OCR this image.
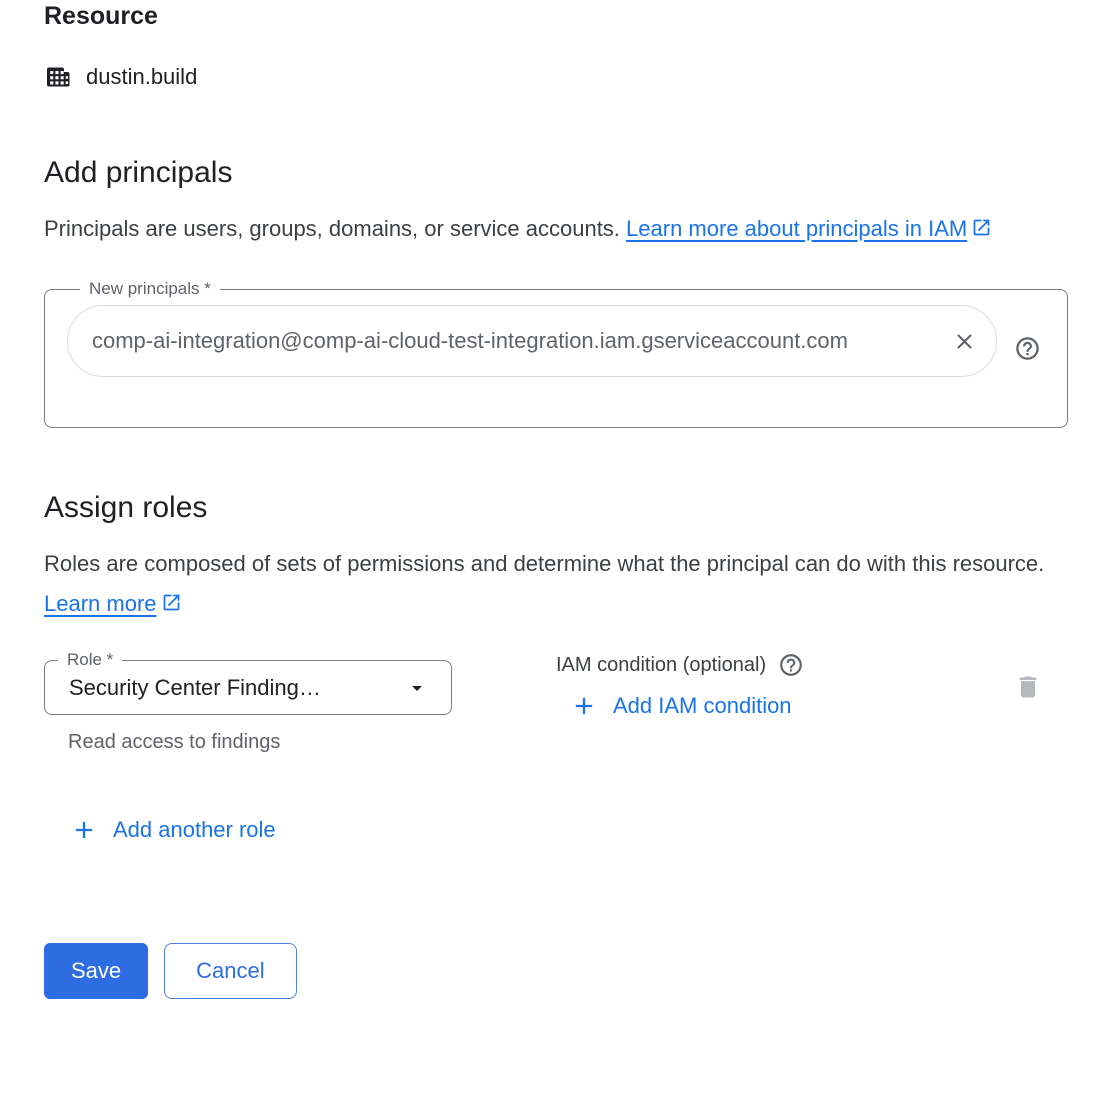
Resource
dustin.build
Add principals

Principals are users, groups, domains, or service accounts. Learn more about principals in IAM

New principals *
comp-ai-integration@comp-ai-cloud-test-integration.iam.gserviceaccount.com
Assign roles

Roles are composed of sets of permissions and determine what the principal can do with this resource. Learn more

Role *
Security Center Finding…
Read access to findings
IAM condition (optional)
Add IAM condition
Add another role
Save	Cancel
